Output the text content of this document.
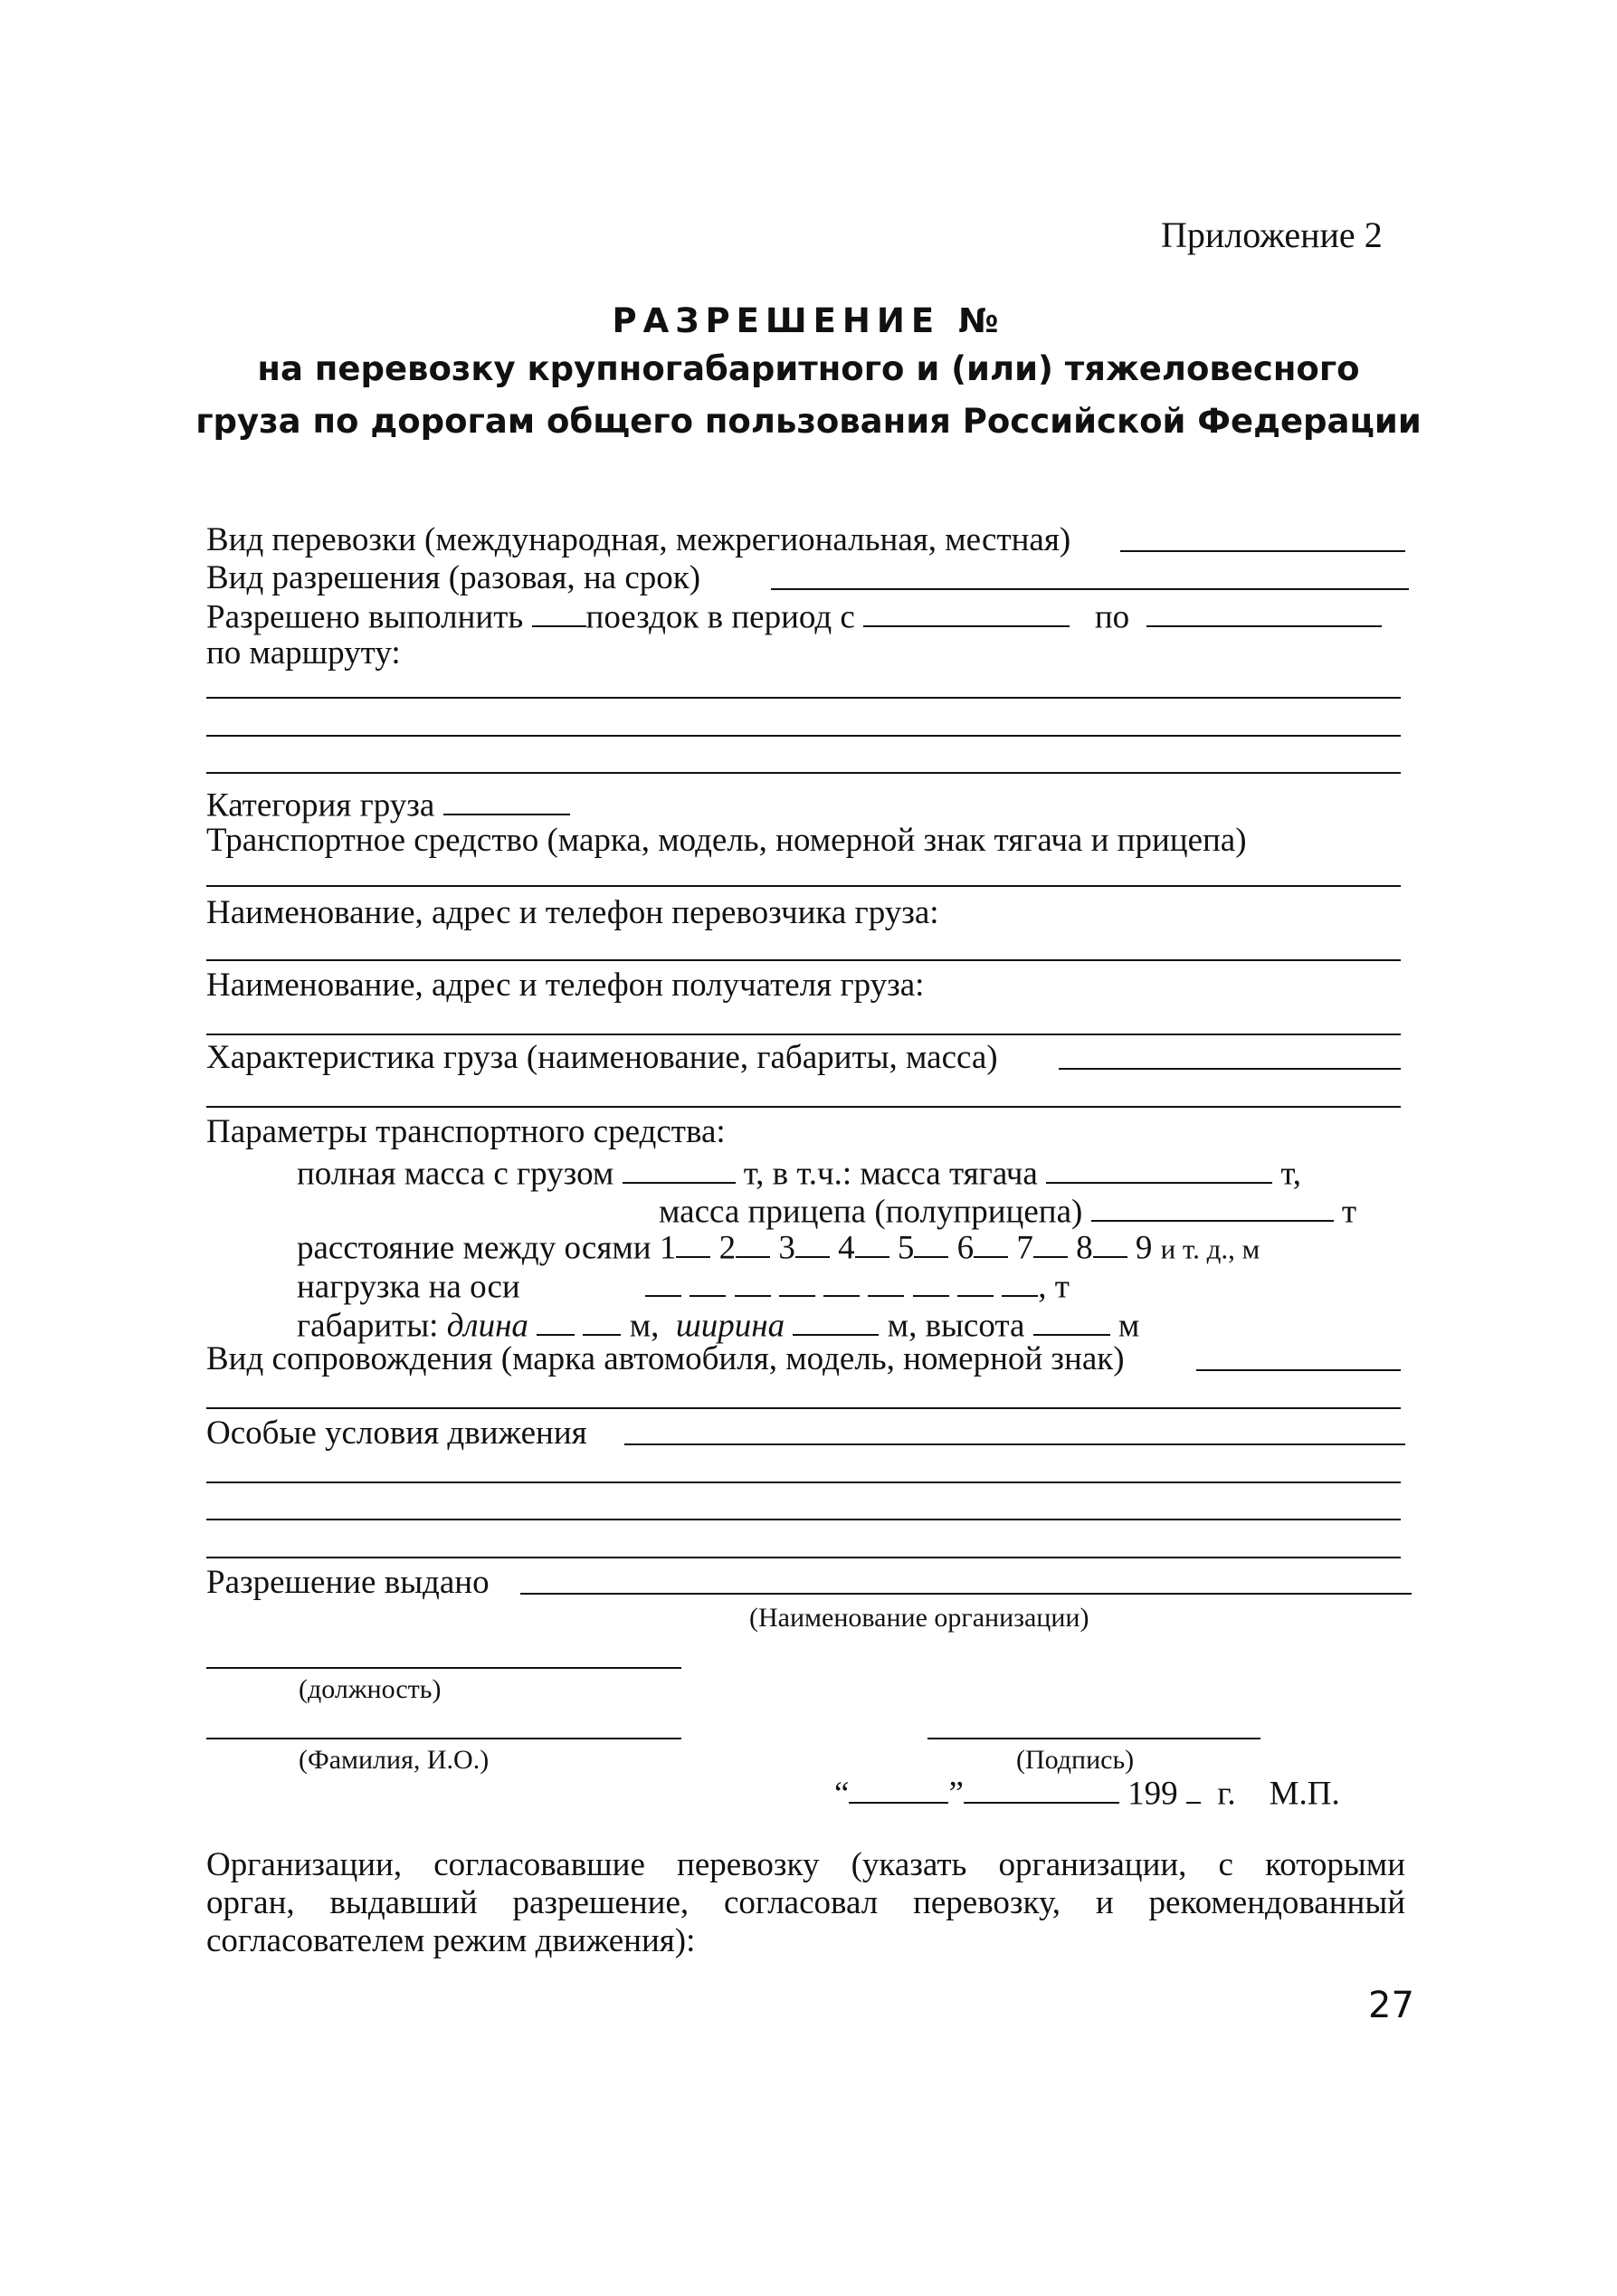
Приложение 2
РАЗРЕШЕНИЕ №
на перевозку крупногабаритного и (или) тяжеловесного
груза по дорогам общего пользования Российской Федерации
Вид перевозки (международная, межрегиональная, местная)
Вид разрешения (разовая, на срок)
Разрешено выполнить поездок в период с	по
по маршруту:
Категория груза
Транспортное средство (марка, модель, номерной знак тягача и прицепа)
Наименование, адрес и телефон перевозчика груза:
Наименование, адрес и телефон получателя груза:
Характеристика груза (наименование, габариты, масса)
Параметры транспортного средства:
полная масса с грузом	т, в т.ч.: масса тягача	т,
масса прицепа (полуприцепа)	т
расстояние между осями 1 2 3 4 5 6 7 8 9 и т. д., м
нагрузка на оси	, т
габариты: длина	м, ширина	м, высота	м
Вид сопровождения (марка автомобиля, модель, номерной знак)
Особые условия движения
Разрешение выдано
(Наименование организации)
(должность)
(Фамилия, И.О.)	(Подпись)
“	”	199 г. М.П.
Организации, согласовавшие перевозку (указать организации, с которыми
орган, выдавший разрешение, согласовал перевозку, и рекомендованный
согласователем режим движения):
27
